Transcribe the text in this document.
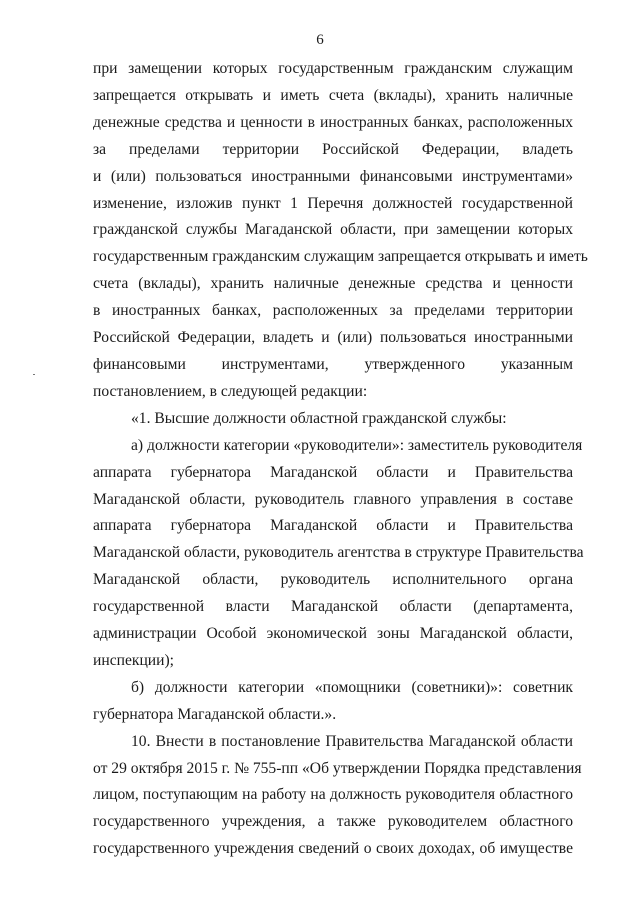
6
при замещении которых государственным гражданским служащим
запрещается открывать и иметь счета (вклады), хранить наличные
денежные средства и ценности в иностранных банках, расположенных
за пределами территории Российской Федерации, владеть
и (или) пользоваться иностранными финансовыми инструментами»
изменение, изложив пункт 1 Перечня должностей государственной
гражданской службы Магаданской области, при замещении которых
государственным гражданским служащим запрещается открывать и иметь
счета (вклады), хранить наличные денежные средства и ценности
в иностранных банках, расположенных за пределами территории
Российской Федерации, владеть и (или) пользоваться иностранными
финансовыми инструментами, утвержденного указанным
постановлением, в следующей редакции:
«1. Высшие должности областной гражданской службы:
а) должности категории «руководители»: заместитель руководителя
аппарата губернатора Магаданской области и Правительства
Магаданской области, руководитель главного управления в составе
аппарата губернатора Магаданской области и Правительства
Магаданской области, руководитель агентства в структуре Правительства
Магаданской области, руководитель исполнительного органа
государственной власти Магаданской области (департамента,
администрации Особой экономической зоны Магаданской области,
инспекции);
б) должности категории «помощники (советники)»: советник
губернатора Магаданской области.».
10. Внести в постановление Правительства Магаданской области
от 29 октября 2015 г. № 755-пп «Об утверждении Порядка представления
лицом, поступающим на работу на должность руководителя областного
государственного учреждения, а также руководителем областного
государственного учреждения сведений о своих доходах, об имуществе
